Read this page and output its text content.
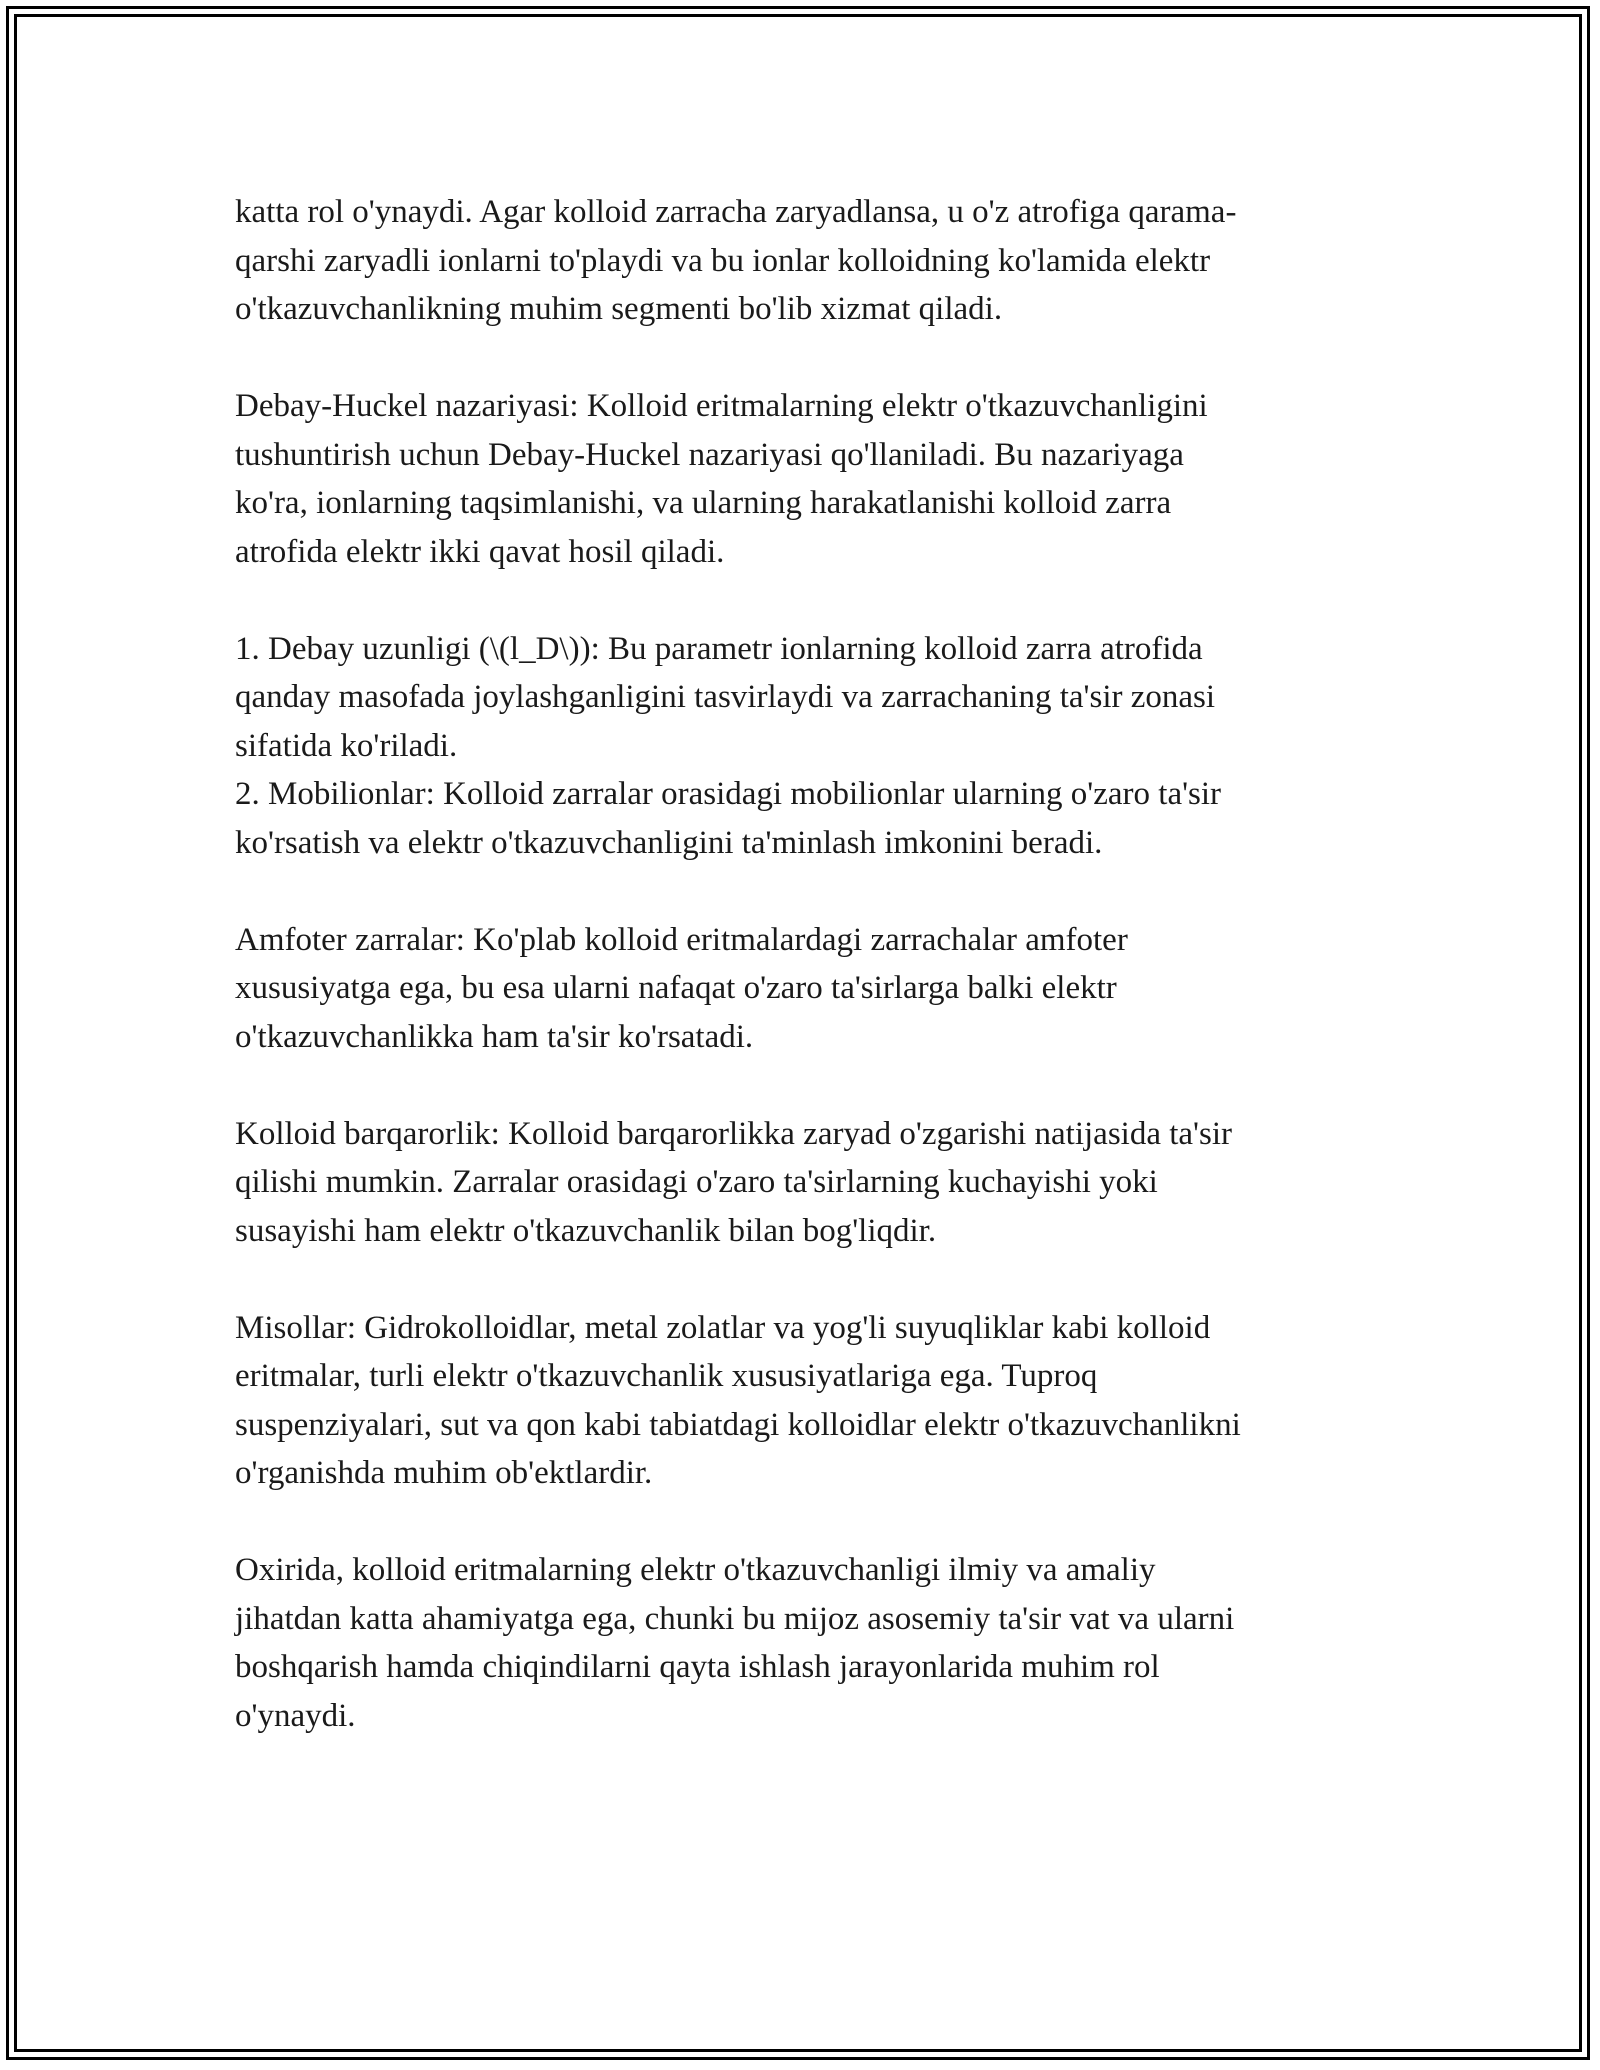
katta rol o'ynaydi. Agar kolloid zarracha zaryadlansa, u o'z atrofiga qarama-
qarshi zaryadli ionlarni to'playdi va bu ionlar kolloidning ko'lamida elektr
o'tkazuvchanlikning muhim segmenti bo'lib xizmat qiladi.

Debay-Huckel nazariyasi: Kolloid eritmalarning elektr o'tkazuvchanligini
tushuntirish uchun Debay-Huckel nazariyasi qo'llaniladi. Bu nazariyaga
ko'ra, ionlarning taqsimlanishi, va ularning harakatlanishi kolloid zarra
atrofida elektr ikki qavat hosil qiladi.

1. Debay uzunligi (\(l_D\)): Bu parametr ionlarning kolloid zarra atrofida
qanday masofada joylashganligini tasvirlaydi va zarrachaning ta'sir zonasi
sifatida ko'riladi.

2. Mobilionlar: Kolloid zarralar orasidagi mobilionlar ularning o'zaro ta'sir
ko'rsatish va elektr o'tkazuvchanligini ta'minlash imkonini beradi.

Amfoter zarralar: Ko'plab kolloid eritmalardagi zarrachalar amfoter
xususiyatga ega, bu esa ularni nafaqat o'zaro ta'sirlarga balki elektr
o'tkazuvchanlikka ham ta'sir ko'rsatadi.

Kolloid barqarorlik: Kolloid barqarorlikka zaryad o'zgarishi natijasida ta'sir
qilishi mumkin. Zarralar orasidagi o'zaro ta'sirlarning kuchayishi yoki
susayishi ham elektr o'tkazuvchanlik bilan bog'liqdir.

Misollar: Gidrokolloidlar, metal zolatlar va yog'li suyuqliklar kabi kolloid
eritmalar, turli elektr o'tkazuvchanlik xususiyatlariga ega. Tuproq
suspenziyalari, sut va qon kabi tabiatdagi kolloidlar elektr o'tkazuvchanlikni
o'rganishda muhim ob'ektlardir.

Oxirida, kolloid eritmalarning elektr o'tkazuvchanligi ilmiy va amaliy
jihatdan katta ahamiyatga ega, chunki bu mijoz asosemiy ta'sir vat va ularni
boshqarish hamda chiqindilarni qayta ishlash jarayonlarida muhim rol
o'ynaydi.
